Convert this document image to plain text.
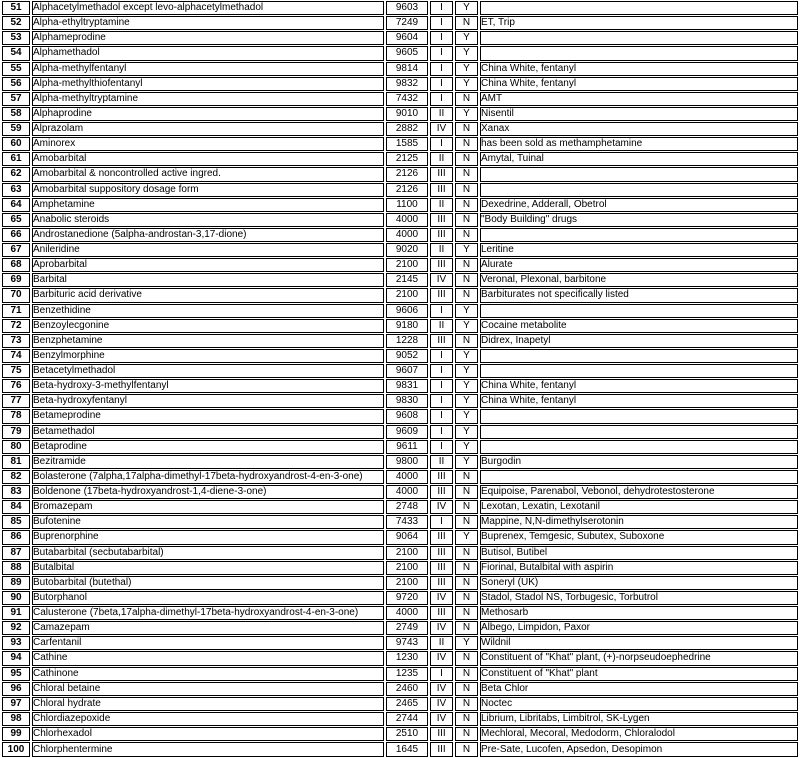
51	Alphacetylmethadol except levo-alphacetylmethadol	9603	I	Y	
52	Alpha-ethyltryptamine	7249	I	N	ET, Trip
53	Alphameprodine	9604	I	Y	
54	Alphamethadol	9605	I	Y	
55	Alpha-methylfentanyl	9814	I	Y	China White, fentanyl
56	Alpha-methylthiofentanyl	9832	I	Y	China White, fentanyl
57	Alpha-methyltryptamine	7432	I	N	AMT
58	Alphaprodine	9010	II	Y	Nisentil
59	Alprazolam	2882	IV	N	Xanax
60	Aminorex	1585	I	N	has been sold as methamphetamine
61	Amobarbital	2125	II	N	Amytal, Tuinal
62	Amobarbital & noncontrolled active ingred.	2126	III	N	
63	Amobarbital suppository dosage form	2126	III	N	
64	Amphetamine	1100	II	N	Dexedrine, Adderall, Obetrol
65	Anabolic steroids	4000	III	N	"Body Building" drugs
66	Androstanedione (5alpha-androstan-3,17-dione)	4000	III	N	
67	Anileridine	9020	II	Y	Leritine
68	Aprobarbital	2100	III	N	Alurate
69	Barbital	2145	IV	N	Veronal, Plexonal, barbitone
70	Barbituric acid derivative	2100	III	N	Barbiturates not specifically listed
71	Benzethidine	9606	I	Y	
72	Benzoylecgonine	9180	II	Y	Cocaine metabolite
73	Benzphetamine	1228	III	N	Didrex, Inapetyl
74	Benzylmorphine	9052	I	Y	
75	Betacetylmethadol	9607	I	Y	
76	Beta-hydroxy-3-methylfentanyl	9831	I	Y	China White, fentanyl
77	Beta-hydroxyfentanyl	9830	I	Y	China White, fentanyl
78	Betameprodine	9608	I	Y	
79	Betamethadol	9609	I	Y	
80	Betaprodine	9611	I	Y	
81	Bezitramide	9800	II	Y	Burgodin
82	Bolasterone (7alpha,17alpha-dimethyl-17beta-hydroxyandrost-4-en-3-one)	4000	III	N	
83	Boldenone (17beta-hydroxyandrost-1,4-diene-3-one)	4000	III	N	Equipoise, Parenabol, Vebonol, dehydrotestosterone
84	Bromazepam	2748	IV	N	Lexotan, Lexatin, Lexotanil
85	Bufotenine	7433	I	N	Mappine, N,N-dimethylserotonin
86	Buprenorphine	9064	III	Y	Buprenex, Temgesic, Subutex, Suboxone
87	Butabarbital (secbutabarbital)	2100	III	N	Butisol, Butibel
88	Butalbital	2100	III	N	Fiorinal, Butalbital with aspirin
89	Butobarbital (butethal)	2100	III	N	Soneryl (UK)
90	Butorphanol	9720	IV	N	Stadol, Stadol NS, Torbugesic, Torbutrol
91	Calusterone (7beta,17alpha-dimethyl-17beta-hydroxyandrost-4-en-3-one)	4000	III	N	Methosarb
92	Camazepam	2749	IV	N	Albego, Limpidon, Paxor
93	Carfentanil	9743	II	Y	Wildnil
94	Cathine	1230	IV	N	Constituent of "Khat" plant, (+)-norpseudoephedrine
95	Cathinone	1235	I	N	Constituent of "Khat" plant
96	Chloral betaine	2460	IV	N	Beta Chlor
97	Chloral hydrate	2465	IV	N	Noctec
98	Chlordiazepoxide	2744	IV	N	Librium, Libritabs, Limbitrol, SK-Lygen
99	Chlorhexadol	2510	III	N	Mechloral, Mecoral, Medodorm, Chloralodol
100	Chlorphentermine	1645	III	N	Pre-Sate, Lucofen, Apsedon, Desopimon
